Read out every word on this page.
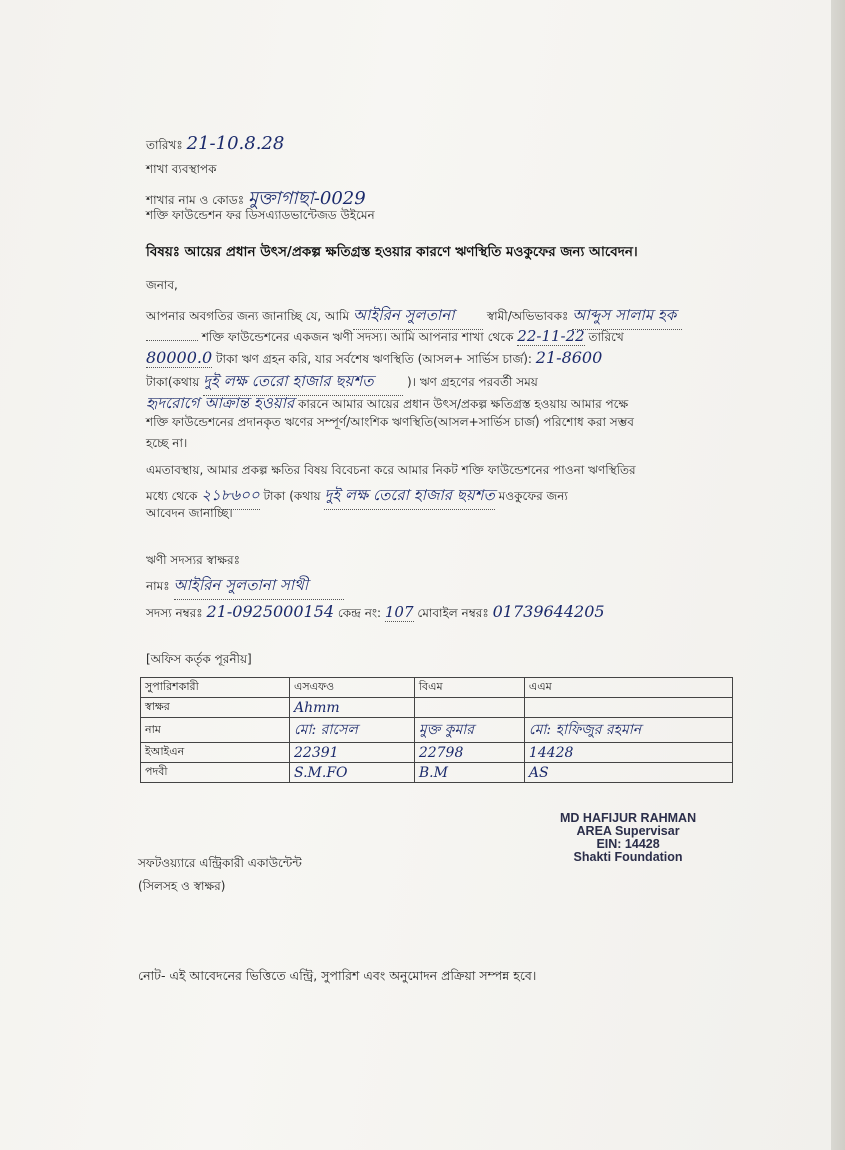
তারিখঃ 21-10.8.28
শাখা ব্যবস্থাপক
শাখার নাম ও কোডঃ মুক্তাগাছা-0029
শক্তি ফাউন্ডেশন ফর ডিসএ্যাডভান্টেজড উইমেন
বিষয়ঃ আয়ের প্রধান উৎস/প্রকল্প ক্ষতিগ্রস্ত হওয়ার কারণে ঋণস্থিতি মওকুফের জন্য আবেদন।
জনাব,
আপনার অবগতির জন্য জানাচ্ছি যে, আমি আইরিন সুলতানা	স্বামী/অভিভাবকঃ আব্দুস সালাম হক
শক্তি ফাউন্ডেশনের একজন ঋণী সদস্য। আমি আপনার শাখা থেকে 22-11-22 তারিখে
80000.0 টাকা ঋণ গ্রহন করি, যার সর্বশেষ ঋণস্থিতি (আসল+ সার্ভিস চার্জ): 21-8600
টাকা(কথায় দুই লক্ষ তেরো হাজার ছয়শত	)। ঋণ গ্রহণের পরবর্তী সময়
হৃদরোগে আক্রান্ত হওয়ার কারনে আমার আয়ের প্রধান উৎস/প্রকল্প ক্ষতিগ্রস্ত হওয়ায় আমার পক্ষে
শক্তি ফাউন্ডেশনের প্রদানকৃত ঋণের সম্পূর্ণ/আংশিক ঋণস্থিতি(আসল+সার্ভিস চার্জ) পরিশোধ করা সম্ভব
হচ্ছে না।
এমতাবস্থায়, আমার প্রকল্প ক্ষতির বিষয় বিবেচনা করে আমার নিকট শক্তি ফাউন্ডেশনের পাওনা ঋণস্থিতির
মধ্যে থেকে ২১৮৬০০ টাকা (কথায় দুই লক্ষ তেরো হাজার ছয়শত মওকুফের জন্য
আবেদন জানাচ্ছি।
ঋণী সদস্যর স্বাক্ষরঃ
নামঃ আইরিন সুলতানা সাথী
সদস্য নম্বরঃ 21-0925000154 কেন্দ্র নং: 107 মোবাইল নম্বরঃ 01739644205
[অফিস কর্তৃক পূরনীয়]
সুপারিশকারী	এসএফও	বিএম	এএম
স্বাক্ষর	Ahmm		
নাম	মো: রাসেল	মুক্ত কুমার	মো: হাফিজুর রহমান
ইআইএন	22391	22798	14428
পদবী	S.M.FO	B.M	AS
MD HAFIJUR RAHMAN
AREA Supervisar
EIN: 14428
Shakti Foundation
সফটওয়্যারে এন্ট্রিকারী একাউন্টেন্ট
(সিলসহ ও স্বাক্ষর)
নোট- এই আবেদনের ভিত্তিতে এন্ট্রি, সুপারিশ এবং অনুমোদন প্রক্রিয়া সম্পন্ন হবে।
